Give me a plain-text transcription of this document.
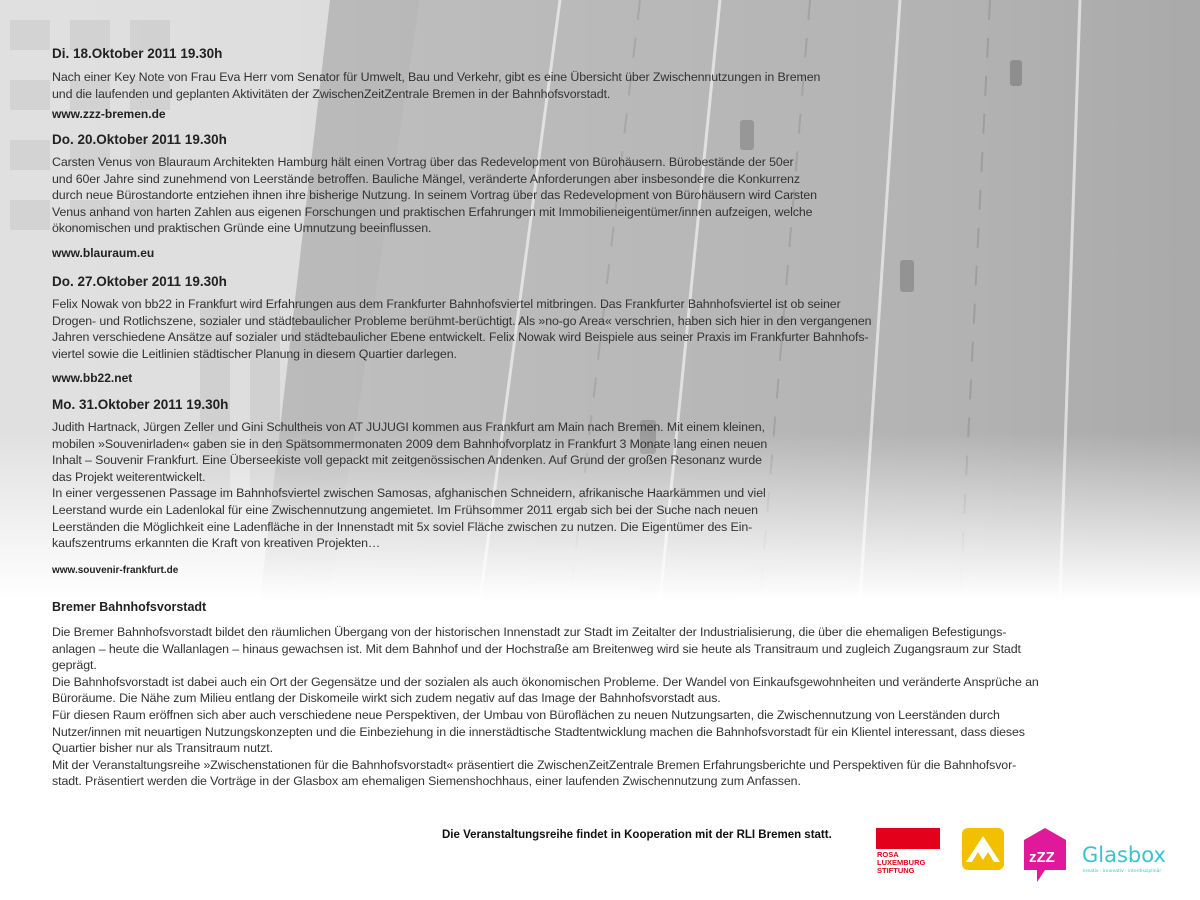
Di. 18.Oktober 2011 19.30h

Nach einer Key Note von Frau Eva Herr vom Senator für Umwelt, Bau und Verkehr, gibt es eine Übersicht über Zwischennutzungen in Bremen

und die laufenden und geplanten Aktivitäten der ZwischenZeitZentrale Bremen in der Bahnhofsvorstadt.

www.zzz-bremen.de
Do. 20.Oktober 2011 19.30h

Carsten Venus von Blauraum Architekten Hamburg hält einen Vortrag über das Redevelopment von Bürohäusern. Bürobestände der 50er

und 60er Jahre sind zunehmend von Leerstände betroffen. Bauliche Mängel, veränderte Anforderungen aber insbesondere die Konkurrenz

durch neue Bürostandorte entziehen ihnen ihre bisherige Nutzung. In seinem Vortrag über das Redevelopment von Bürohäusern wird Carsten

Venus anhand von harten Zahlen aus eigenen Forschungen und praktischen Erfahrungen mit Immobilieneigentümer/innen aufzeigen, welche

ökonomischen und praktischen Gründe eine Umnutzung beeinflussen.

www.blauraum.eu
Do. 27.Oktober 2011 19.30h

Felix Nowak von bb22 in Frankfurt wird Erfahrungen aus dem Frankfurter Bahnhofsviertel mitbringen. Das Frankfurter Bahnhofsviertel ist ob seiner

Drogen- und Rotlichszene, sozialer und städtebaulicher Probleme berühmt-berüchtigt. Als »no-go Area« verschrien, haben sich hier in den vergangenen

Jahren verschiedene Ansätze auf sozialer und städtebaulicher Ebene entwickelt. Felix Nowak wird Beispiele aus seiner Praxis im Frankfurter Bahnhofs-

viertel sowie die Leitlinien städtischer Planung in diesem Quartier darlegen.

www.bb22.net
Mo. 31.Oktober 2011 19.30h

Judith Hartnack, Jürgen Zeller und Gini Schultheis von AT JUJUGI kommen aus Frankfurt am Main nach Bremen. Mit einem kleinen,

mobilen »Souvenirladen« gaben sie in den Spätsommermonaten 2009 dem Bahnhofvorplatz in Frankfurt 3 Monate lang einen neuen

Inhalt – Souvenir Frankfurt. Eine Überseekiste voll gepackt mit zeitgenössischen Andenken. Auf Grund der großen Resonanz wurde

das Projekt weiterentwickelt.

In einer vergessenen Passage im Bahnhofsviertel zwischen Samosas, afghanischen Schneidern, afrikanische Haarkämmen und viel

Leerstand wurde ein Ladenlokal für eine Zwischennutzung angemietet. Im Frühsommer 2011 ergab sich bei der Suche nach neuen

Leerständen die Möglichkeit eine Ladenfläche in der Innenstadt mit 5x soviel Fläche zwischen zu nutzen. Die Eigentümer des Ein-

kaufszentrums erkannten die Kraft von kreativen Projekten…

www.souvenir-frankfurt.de
Bremer Bahnhofsvorstadt

Die Bremer Bahnhofsvorstadt bildet den räumlichen Übergang von der historischen Innenstadt zur Stadt im Zeitalter der Industrialisierung, die über die ehemaligen Befestigungs-

anlagen – heute die Wallanlagen – hinaus gewachsen ist. Mit dem Bahnhof und der Hochstraße am Breitenweg wird sie heute als Transitraum und zugleich Zugangsraum zur Stadt

geprägt.

Die Bahnhofsvorstadt ist dabei auch ein Ort der Gegensätze und der sozialen als auch ökonomischen Probleme. Der Wandel von Einkaufsgewohnheiten und veränderte Ansprüche an

Büroräume. Die Nähe zum Milieu entlang der Diskomeile wirkt sich zudem negativ auf das Image der Bahnhofsvorstadt aus.

Für diesen Raum eröffnen sich aber auch verschiedene neue Perspektiven, der Umbau von Büroflächen zu neuen Nutzungsarten, die Zwischennutzung von Leerständen durch

Nutzer/innen mit neuartigen Nutzungskonzepten und die Einbeziehung in die innerstädtische Stadtentwicklung machen die Bahnhofsvorstadt für ein Klientel interessant, dass dieses

Quartier bisher nur als Transitraum nutzt.

Mit der Veranstaltungsreihe »Zwischenstationen für die Bahnhofsvorstadt« präsentiert die ZwischenZeitZentrale Bremen Erfahrungsberichte und Perspektiven für die Bahnhofsvor-

stadt. Präsentiert werden die Vorträge in der Glasbox am ehemaligen Siemenshochhaus, einer laufenden Zwischennutzung zum Anfassen.

Die Veranstaltungsreihe findet in Kooperation mit der RLI Bremen statt.
ROSA
LUXEMBURG
STIFTUNG
zZZ Glasbox
kreativ · innovativ · interdisziplinär
